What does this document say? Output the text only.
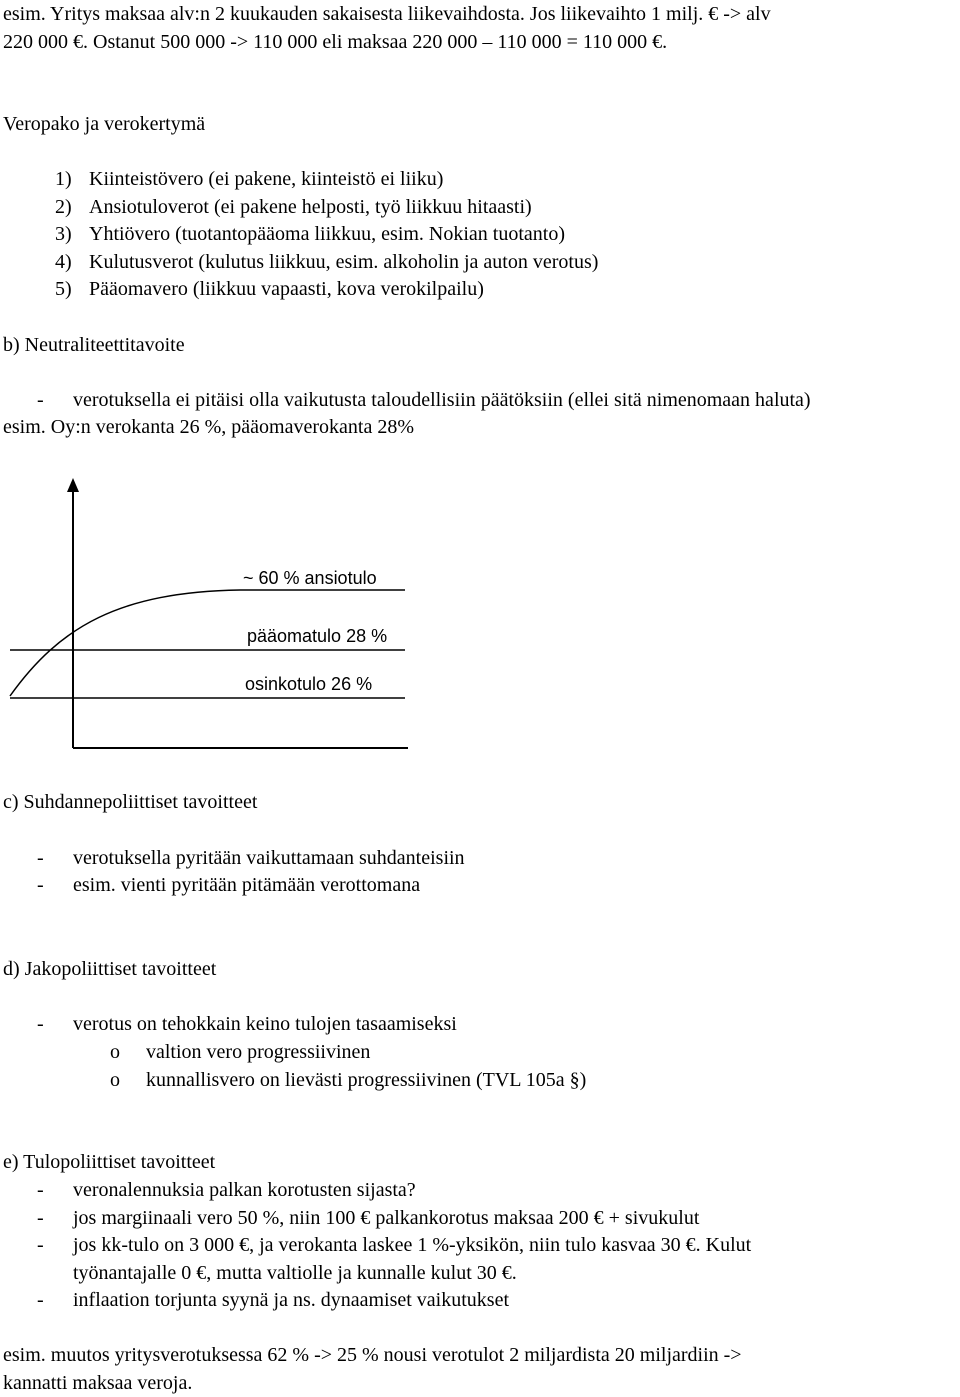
esim. Yritys maksaa alv:n 2 kuukauden sakaisesta liikevaihdosta. Jos liikevaihto 1 milj. € -> alv
220 000 €. Ostanut 500 000 -> 110 000 eli maksaa 220 000 – 110 000 = 110 000 €.
Veropako ja verokertymä
1) Kiinteistövero (ei pakene, kiinteistö ei liiku)
2) Ansiotuloverot (ei pakene helposti, työ liikkuu hitaasti)
3) Yhtiövero (tuotantopääoma liikkuu, esim. Nokian tuotanto)
4) Kulutusverot (kulutus liikkuu, esim. alkoholin ja auton verotus)
5) Pääomavero (liikkuu vapaasti, kova verokilpailu)
b) Neutraliteettitavoite
- verotuksella ei pitäisi olla vaikutusta taloudellisiin päätöksiin (ellei sitä nimenomaan haluta)
esim. Oy:n verokanta 26 %, pääomaverokanta 28%
~ 60 % ansiotulo
pääomatulo 28 %
osinkotulo 26 %
c) Suhdannepoliittiset tavoitteet
- verotuksella pyritään vaikuttamaan suhdanteisiin
- esim. vienti pyritään pitämään verottomana
d) Jakopoliittiset tavoitteet
- verotus on tehokkain keino tulojen tasaamiseksi
o valtion vero progressiivinen
o kunnallisvero on lievästi progressiivinen (TVL 105a §)
e) Tulopoliittiset tavoitteet
- veronalennuksia palkan korotusten sijasta?
- jos margiinaali vero 50 %, niin 100 € palkankorotus maksaa 200 € + sivukulut
- jos kk-tulo on 3 000 €, ja verokanta laskee 1 %-yksikön, niin tulo kasvaa 30 €. Kulut
työnantajalle 0 €, mutta valtiolle ja kunnalle kulut 30 €.
- inflaation torjunta syynä ja ns. dynaamiset vaikutukset
esim. muutos yritysverotuksessa 62 % -> 25 % nousi verotulot 2 miljardista 20 miljardiin ->
kannatti maksaa veroja.
